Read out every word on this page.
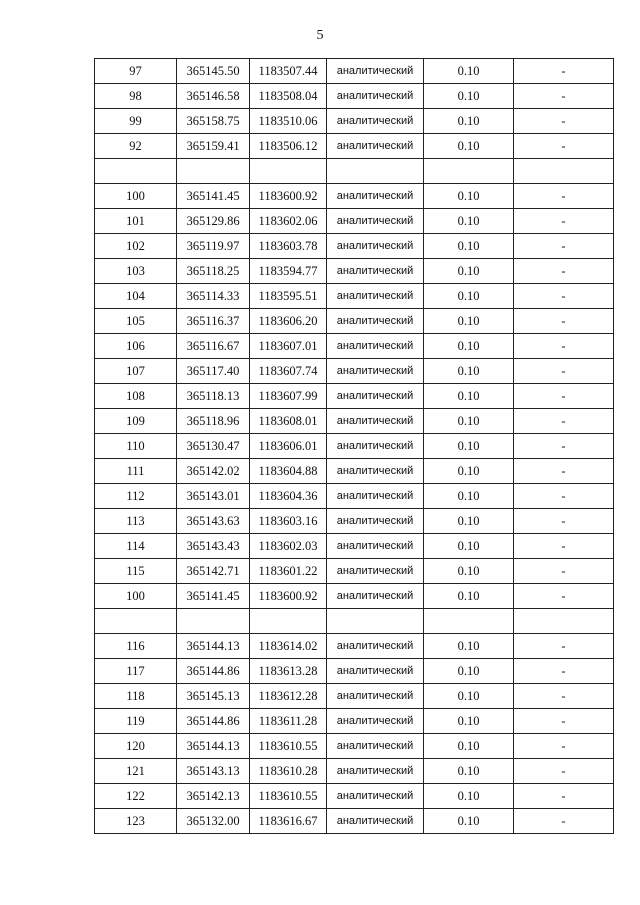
5
97	365145.50	1183507.44	аналитический	0.10	-
98	365146.58	1183508.04	аналитический	0.10	-
99	365158.75	1183510.06	аналитический	0.10	-
92	365159.41	1183506.12	аналитический	0.10	-

100	365141.45	1183600.92	аналитический	0.10	-
101	365129.86	1183602.06	аналитический	0.10	-
102	365119.97	1183603.78	аналитический	0.10	-
103	365118.25	1183594.77	аналитический	0.10	-
104	365114.33	1183595.51	аналитический	0.10	-
105	365116.37	1183606.20	аналитический	0.10	-
106	365116.67	1183607.01	аналитический	0.10	-
107	365117.40	1183607.74	аналитический	0.10	-
108	365118.13	1183607.99	аналитический	0.10	-
109	365118.96	1183608.01	аналитический	0.10	-
110	365130.47	1183606.01	аналитический	0.10	-
111	365142.02	1183604.88	аналитический	0.10	-
112	365143.01	1183604.36	аналитический	0.10	-
113	365143.63	1183603.16	аналитический	0.10	-
114	365143.43	1183602.03	аналитический	0.10	-
115	365142.71	1183601.22	аналитический	0.10	-
100	365141.45	1183600.92	аналитический	0.10	-

116	365144.13	1183614.02	аналитический	0.10	-
117	365144.86	1183613.28	аналитический	0.10	-
118	365145.13	1183612.28	аналитический	0.10	-
119	365144.86	1183611.28	аналитический	0.10	-
120	365144.13	1183610.55	аналитический	0.10	-
121	365143.13	1183610.28	аналитический	0.10	-
122	365142.13	1183610.55	аналитический	0.10	-
123	365132.00	1183616.67	аналитический	0.10	-
